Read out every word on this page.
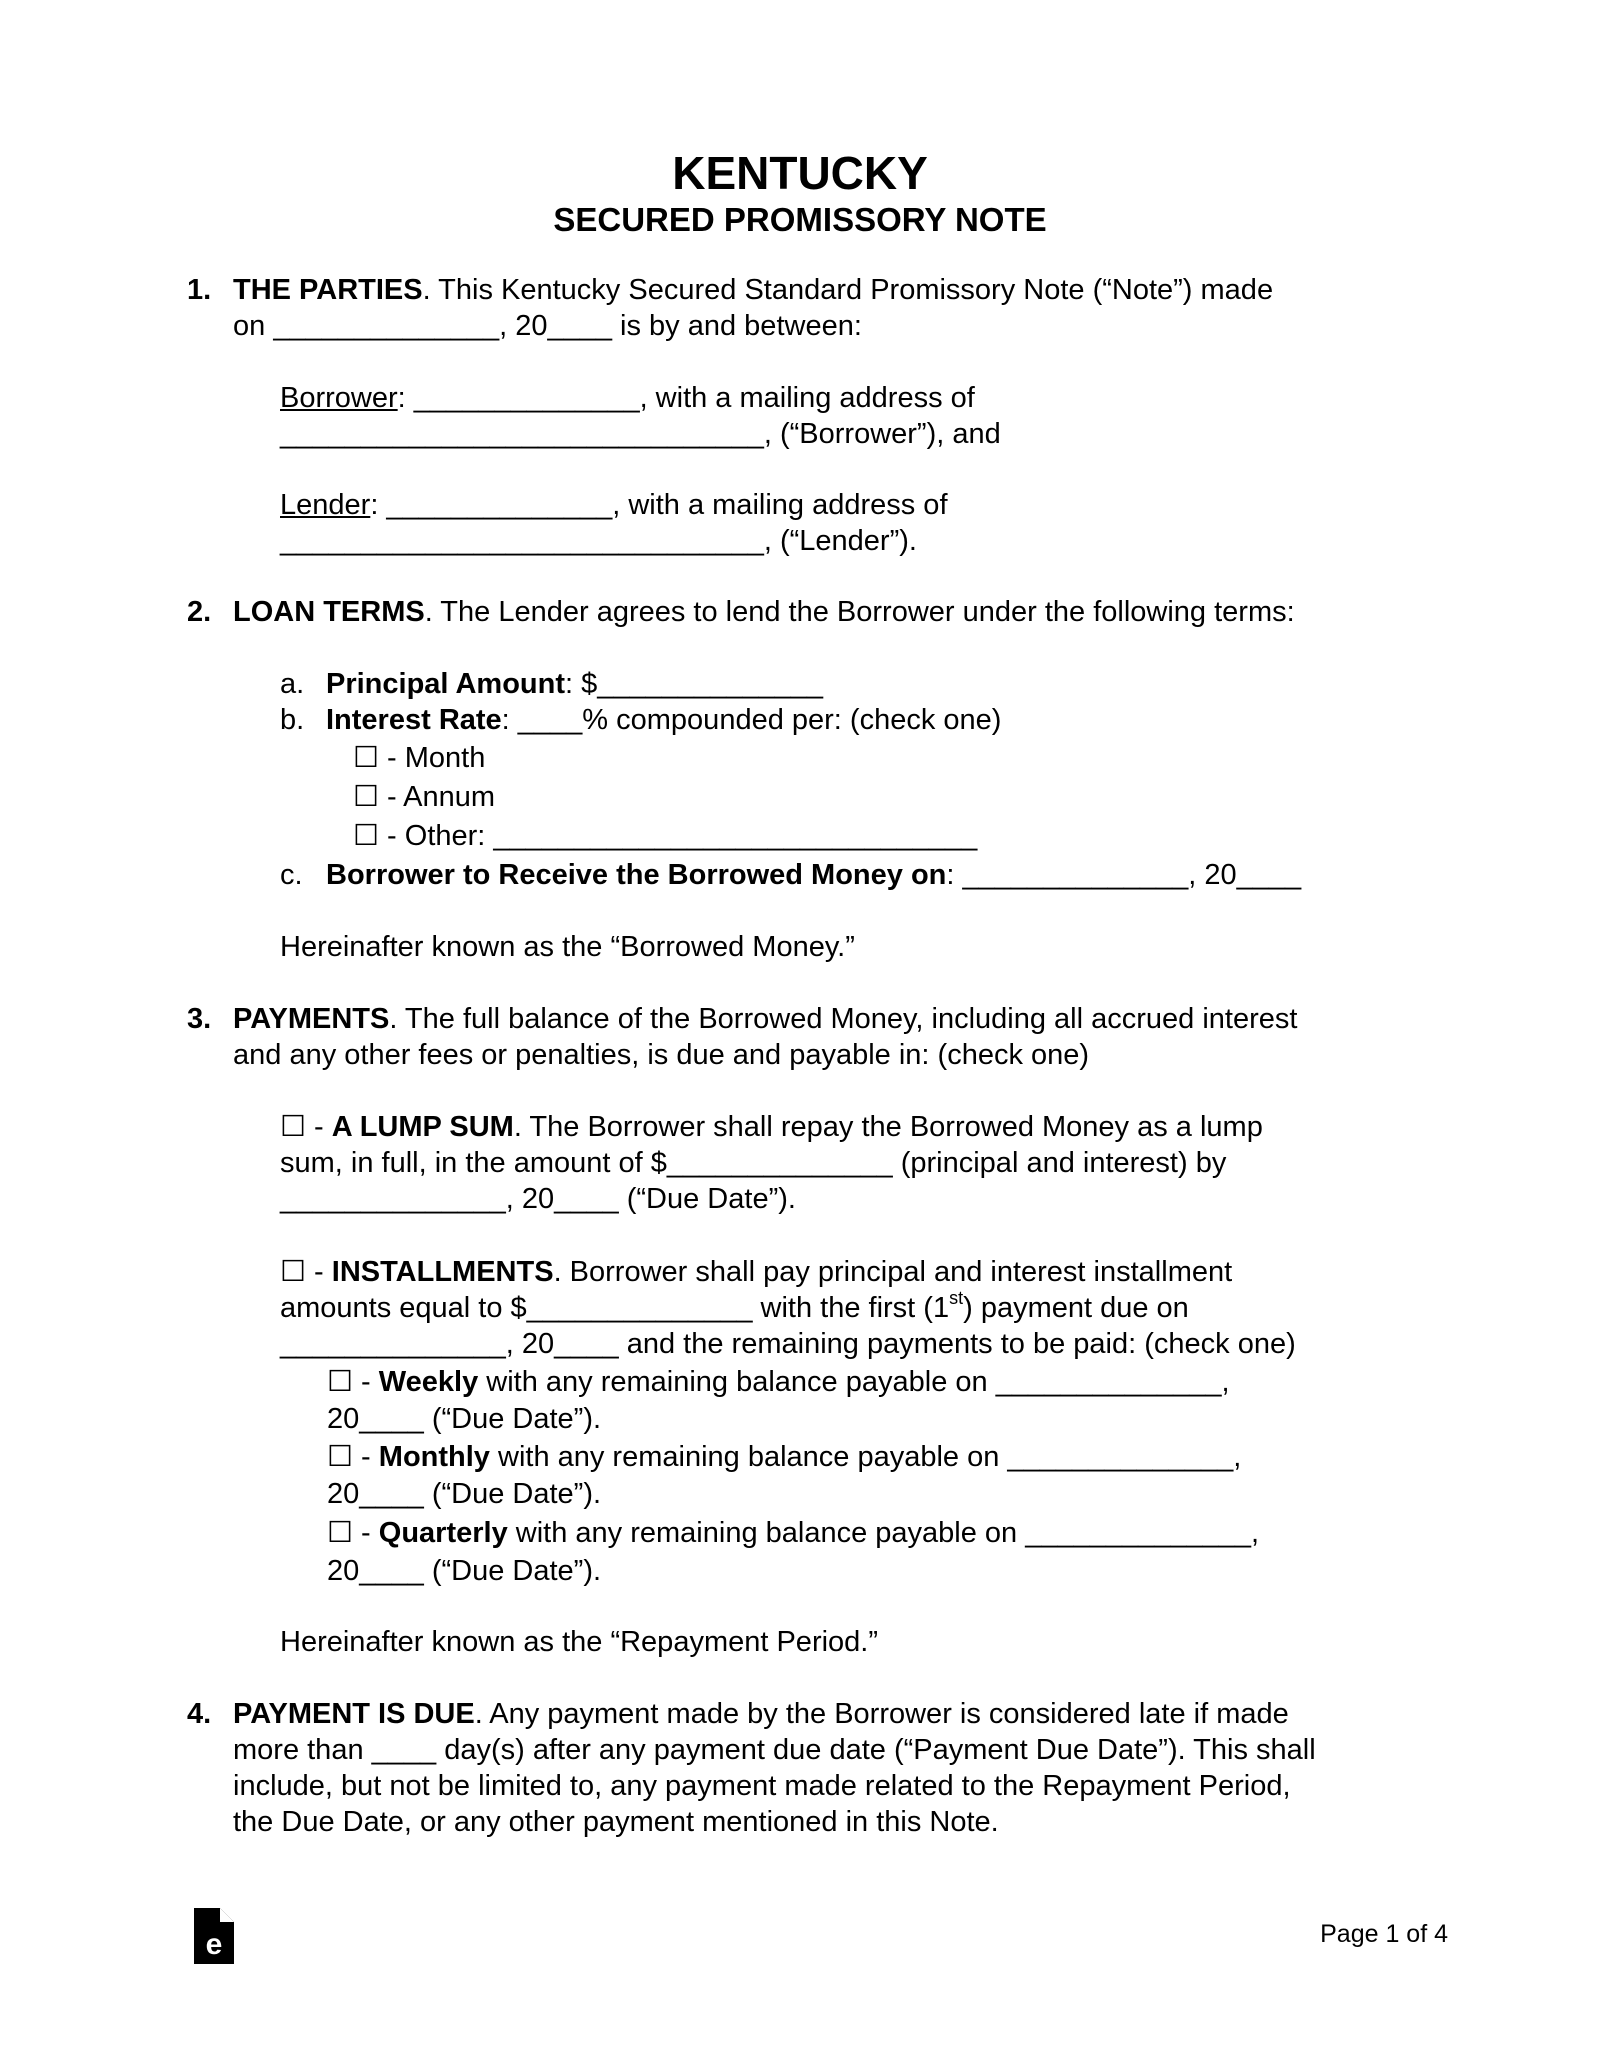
KENTUCKY
SECURED PROMISSORY NOTE
1. THE PARTIES. This Kentucky Secured Standard Promissory Note (“Note”) made
on ______________, 20____ is by and between:
Borrower: ______________, with a mailing address of
______________________________, (“Borrower”), and
Lender: ______________, with a mailing address of
______________________________, (“Lender”).
2. LOAN TERMS. The Lender agrees to lend the Borrower under the following terms:
a. Principal Amount: $______________
b. Interest Rate: ____% compounded per: (check one)
☐ - Month
☐ - Annum
☐ - Other: ______________________________
c. Borrower to Receive the Borrowed Money on: ______________, 20____
Hereinafter known as the “Borrowed Money.”
3. PAYMENTS. The full balance of the Borrowed Money, including all accrued interest
and any other fees or penalties, is due and payable in: (check one)
☐ - A LUMP SUM. The Borrower shall repay the Borrowed Money as a lump
sum, in full, in the amount of $______________ (principal and interest) by
______________, 20____ (“Due Date”).
☐ - INSTALLMENTS. Borrower shall pay principal and interest installment
amounts equal to $______________ with the first (1st) payment due on
______________, 20____ and the remaining payments to be paid: (check one)
☐ - Weekly with any remaining balance payable on ______________,
20____ (“Due Date”).
☐ - Monthly with any remaining balance payable on ______________,
20____ (“Due Date”).
☐ - Quarterly with any remaining balance payable on ______________,
20____ (“Due Date”).
Hereinafter known as the “Repayment Period.”
4. PAYMENT IS DUE. Any payment made by the Borrower is considered late if made
more than ____ day(s) after any payment due date (“Payment Due Date”). This shall
include, but not be limited to, any payment made related to the Repayment Period,
the Due Date, or any other payment mentioned in this Note.
e	Page 1 of 4
